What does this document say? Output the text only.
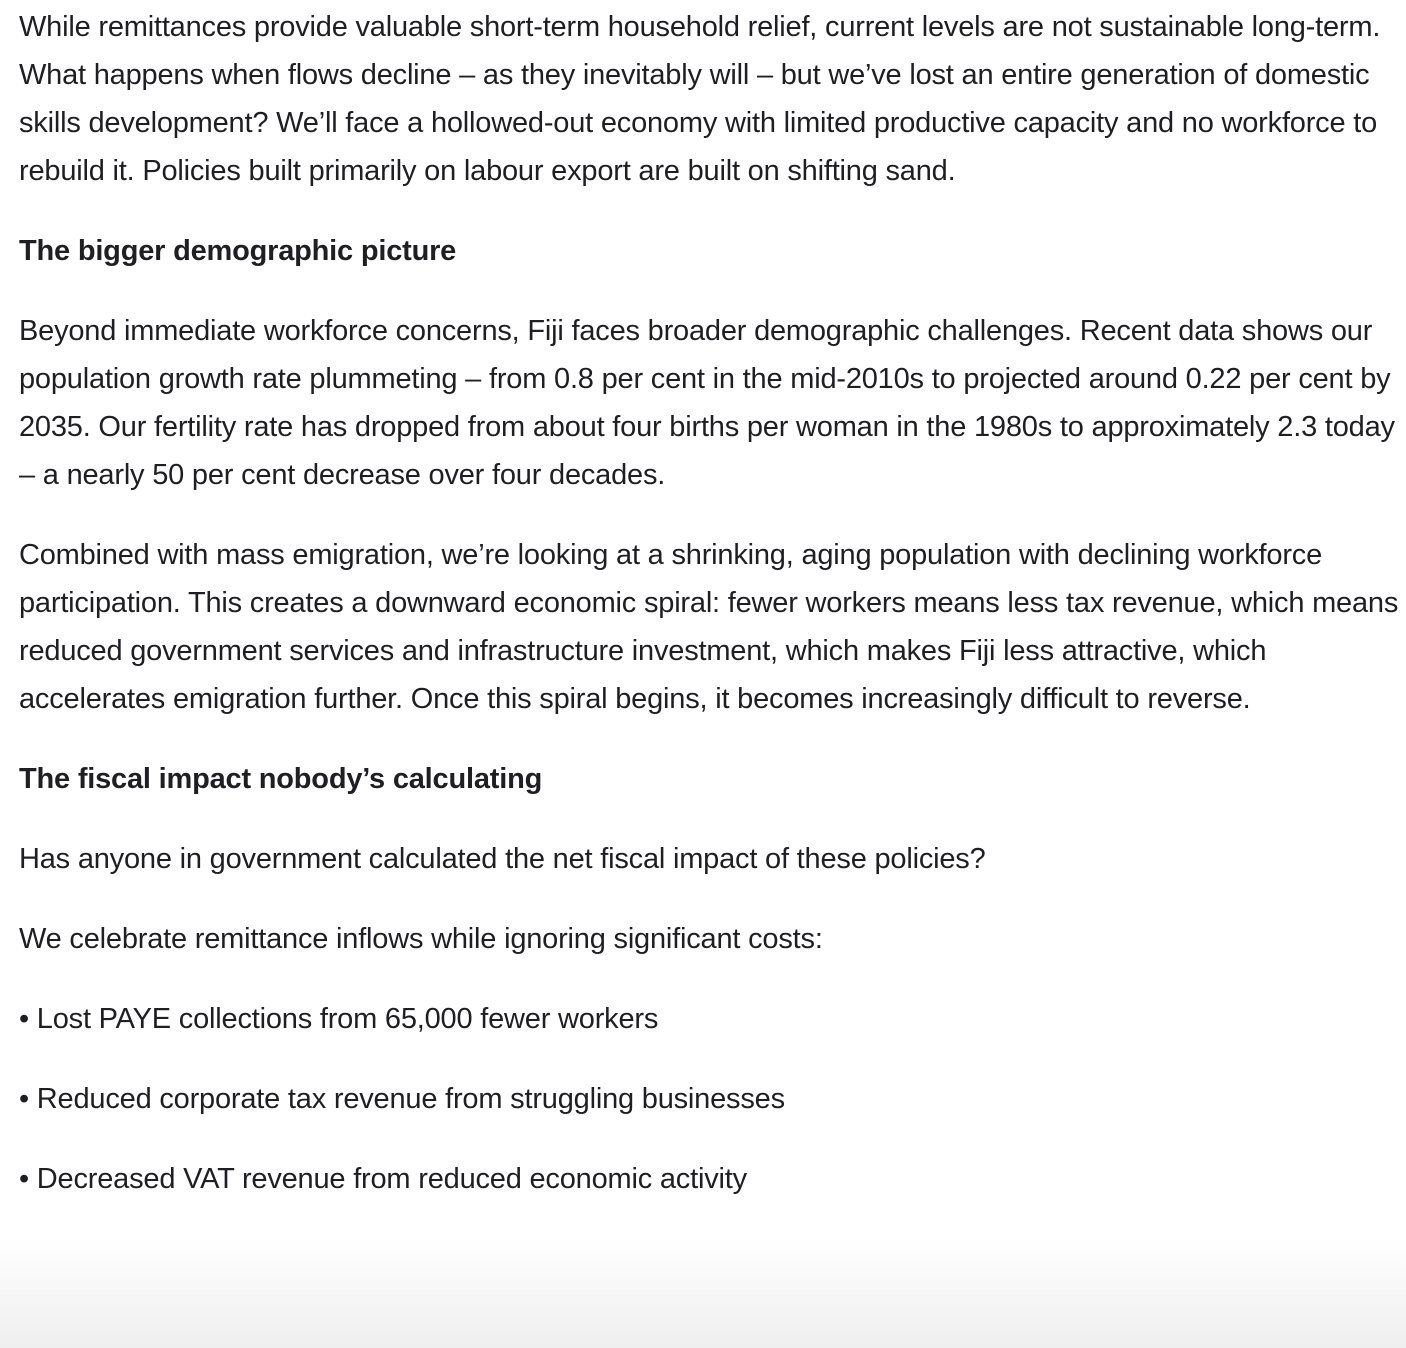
While remittances provide valuable short-term household relief, current levels are not sustainable long-term. What happens when flows decline – as they inevitably will – but we’ve lost an entire generation of domestic skills development? We’ll face a hollowed-out economy with limited productive capacity and no workforce to rebuild it. Policies built primarily on labour export are built on shifting sand.

The bigger demographic picture

Beyond immediate workforce concerns, Fiji faces broader demographic challenges. Recent data shows our population growth rate plummeting – from 0.8 per cent in the mid-2010s to projected around 0.22 per cent by 2035. Our fertility rate has dropped from about four births per woman in the 1980s to approximately 2.3 today – a nearly 50 per cent decrease over four decades.

Combined with mass emigration, we’re looking at a shrinking, aging population with declining workforce participation. This creates a downward economic spiral: fewer workers means less tax revenue, which means reduced government services and infrastructure investment, which makes Fiji less attractive, which accelerates emigration further. Once this spiral begins, it becomes increasingly difficult to reverse.

The fiscal impact nobody’s calculating

Has anyone in government calculated the net fiscal impact of these policies?

We celebrate remittance inflows while ignoring significant costs:

• Lost PAYE collections from 65,000 fewer workers

• Reduced corporate tax revenue from struggling businesses

• Decreased VAT revenue from reduced economic activity
